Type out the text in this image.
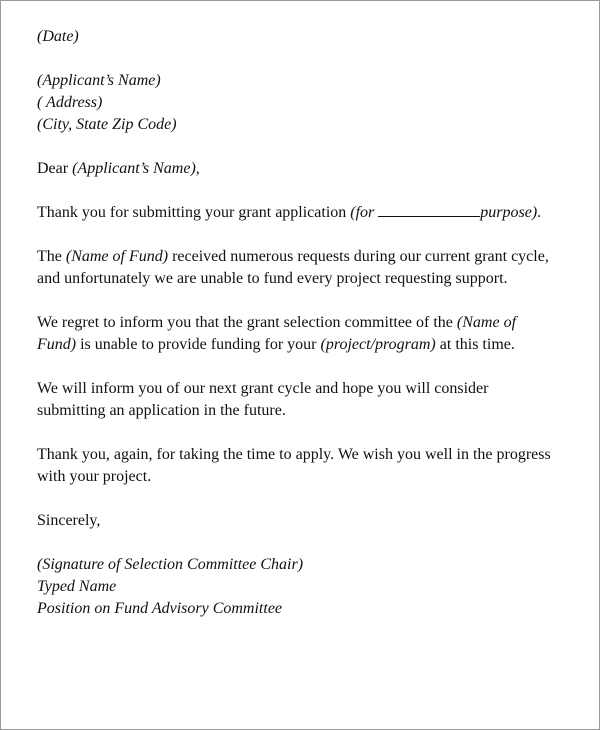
(Date)

(Applicant’s Name)

( Address)

(City, State Zip Code)

Dear (Applicant’s Name),

Thank you for submitting your grant application (for	purpose).

The (Name of Fund) received numerous requests during our current grant cycle, and unfortunately we are unable to fund every project requesting support.

We regret to inform you that the grant selection committee of the (Name of Fund) is unable to provide funding for your (project/program) at this time.

We will inform you of our next grant cycle and hope you will consider submitting an application in the future.

Thank you, again, for taking the time to apply. We wish you well in the progress with your project.

Sincerely,

(Signature of Selection Committee Chair)

Typed Name

Position on Fund Advisory Committee
